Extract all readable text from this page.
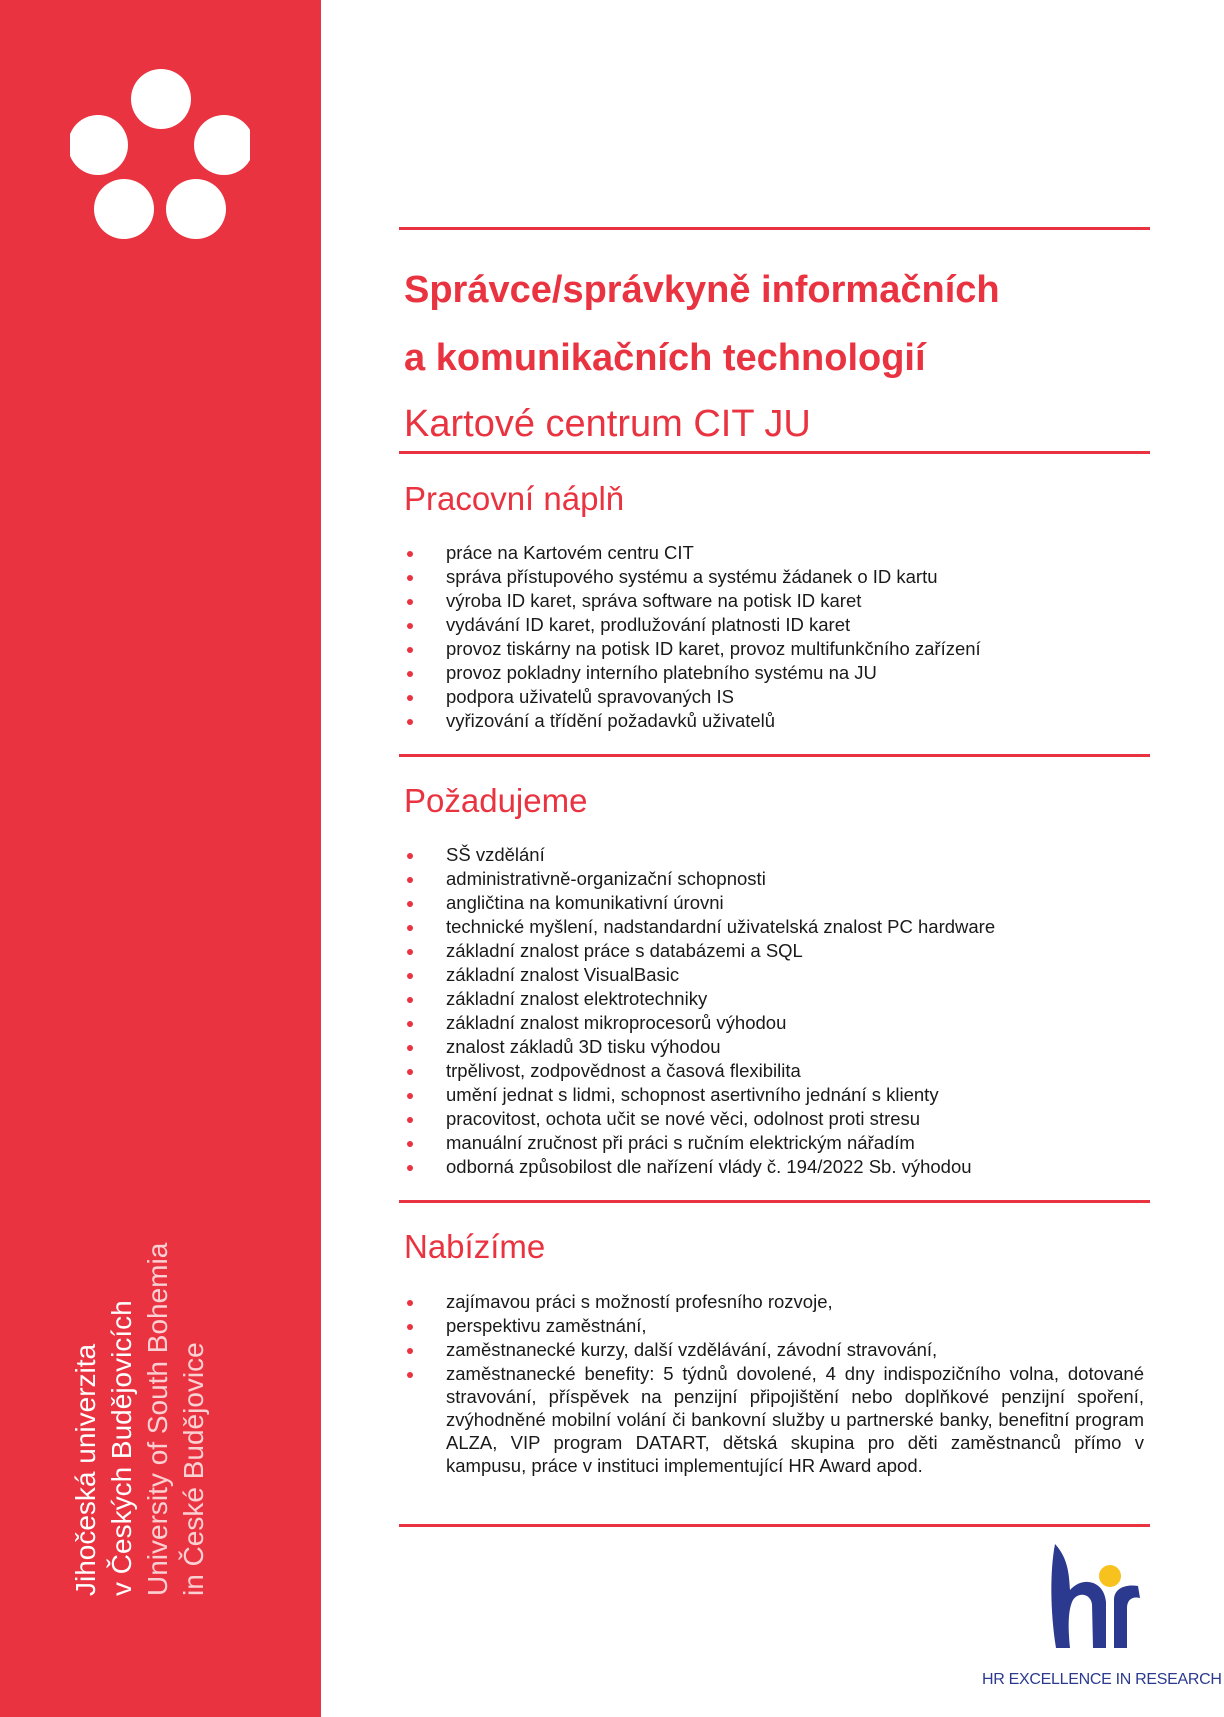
Jihočeská univerzita v Českých Budějovicích University of South Bohemia in České Budějovice
Správce/správkyně informačních
a komunikačních technologií
Kartové centrum CIT JU
Pracovní náplň
práce na Kartovém centru CIT
správa přístupového systému a systému žádanek o ID kartu
výroba ID karet, správa software na potisk ID karet
vydávání ID karet, prodlužování platnosti ID karet
provoz tiskárny na potisk ID karet, provoz multifunkčního zařízení
provoz pokladny interního platebního systému na JU
podpora uživatelů spravovaných IS
vyřizování a třídění požadavků uživatelů
Požadujeme
SŠ vzdělání
administrativně-organizační schopnosti
angličtina na komunikativní úrovni
technické myšlení, nadstandardní uživatelská znalost PC hardware
základní znalost práce s databázemi a SQL
základní znalost VisualBasic
základní znalost elektrotechniky
základní znalost mikroprocesorů výhodou
znalost základů 3D tisku výhodou
trpělivost, zodpovědnost a časová flexibilita
umění jednat s lidmi, schopnost asertivního jednání s klienty
pracovitost, ochota učit se nové věci, odolnost proti stresu
manuální zručnost při práci s ručním elektrickým nářadím
odborná způsobilost dle nařízení vlády č. 194/2022 Sb. výhodou
Nabízíme
zajímavou práci s možností profesního rozvoje,
perspektivu zaměstnání,
zaměstnanecké kurzy, další vzdělávání, závodní stravování,
zaměstnanecké benefity: 5 týdnů dovolené, 4 dny indispozičního volna, dotované stravování, příspěvek na penzijní připojištění nebo doplňkové penzijní spoření, zvýhodněné mobilní volání či bankovní služby u partnerské banky, benefitní program ALZA, VIP program DATART, dětská skupina pro děti zaměstnanců přímo v kampusu, práce v instituci implementující HR Award apod.
HR EXCELLENCE IN RESEARCH
